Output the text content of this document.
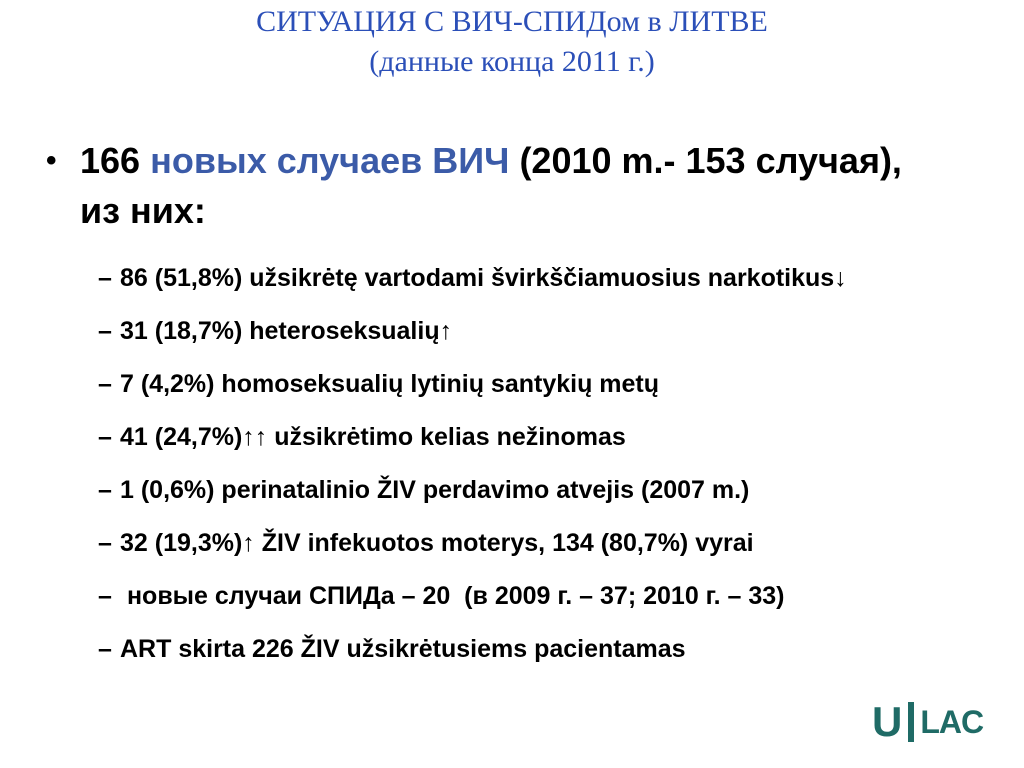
СИТУАЦИЯ С ВИЧ-СПИДом в ЛИТВЕ
(данные конца 2011 г.)
• 166 новых случаев ВИЧ (2010 m.- 153 случая),
из них:
– 86 (51,8%) užsikrėtę vartodami švirkščiamuosius narkotikus↓
– 31 (18,7%) heteroseksualių↑
– 7 (4,2%) homoseksualių lytinių santykių metų
– 41 (24,7%)↑↑ užsikrėtimo kelias nežinomas
– 1 (0,6%) perinatalinio ŽIV perdavimo atvejis (2007 m.)
– 32 (19,3%)↑ ŽIV infekuotos moterys, 134 (80,7%) vyrai
– новые случаи СПИДа – 20  (в 2009 г. – 37; 2010 г. – 33)
– ART skirta 226 ŽIV užsikrėtusiems pacientamas
U $^{LAC}$
